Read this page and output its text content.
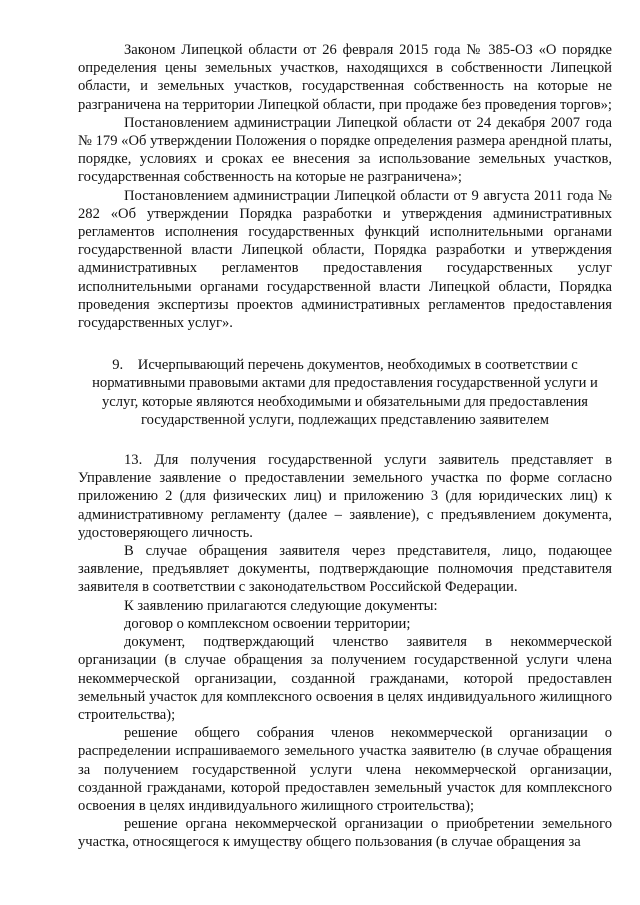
Законом Липецкой области от 26 февраля 2015 года № 385-ОЗ «О порядке определения цены земельных участков, находящихся в собственности Липецкой области, и земельных участков, государственная собственность на которые не разграничена на территории Липецкой области, при продаже без проведения торгов»;

Постановлением администрации Липецкой области от 24 декабря 2007 года № 179 «Об утверждении Положения о порядке определения размера арендной платы, порядке, условиях и сроках ее внесения за использование земельных участков, государственная собственность на которые не разграничена»;

Постановлением администрации Липецкой области от 9 августа 2011 года № 282 «Об утверждении Порядка разработки и утверждения административных регламентов исполнения государственных функций исполнительными органами государственной власти Липецкой области, Порядка разработки и утверждения административных регламентов предоставления государственных услуг исполнительными органами государственной власти Липецкой области, Порядка проведения экспертизы проектов административных регламентов предоставления государственных услуг».

9. Исчерпывающий перечень документов, необходимых в соответствии с нормативными правовыми актами для предоставления государственной услуги и услуг, которые являются необходимыми и обязательными для предоставления государственной услуги, подлежащих представлению заявителем

13. Для получения государственной услуги заявитель представляет в Управление заявление о предоставлении земельного участка по форме согласно приложению 2 (для физических лиц) и приложению 3 (для юридических лиц) к административному регламенту (далее – заявление), с предъявлением документа, удостоверяющего личность.

В случае обращения заявителя через представителя, лицо, подающее заявление, предъявляет документы, подтверждающие полномочия представителя заявителя в соответствии с законодательством Российской Федерации.

К заявлению прилагаются следующие документы:

договор о комплексном освоении территории;

документ, подтверждающий членство заявителя в некоммерческой организации (в случае обращения за получением государственной услуги члена некоммерческой организации, созданной гражданами, которой предоставлен земельный участок для комплексного освоения в целях индивидуального жилищного строительства);

решение общего собрания членов некоммерческой организации о распределении испрашиваемого земельного участка заявителю (в случае обращения за получением государственной услуги члена некоммерческой организации, созданной гражданами, которой предоставлен земельный участок для комплексного освоения в целях индивидуального жилищного строительства);

решение органа некоммерческой организации о приобретении земельного участка, относящегося к имуществу общего пользования (в случае обращения за
